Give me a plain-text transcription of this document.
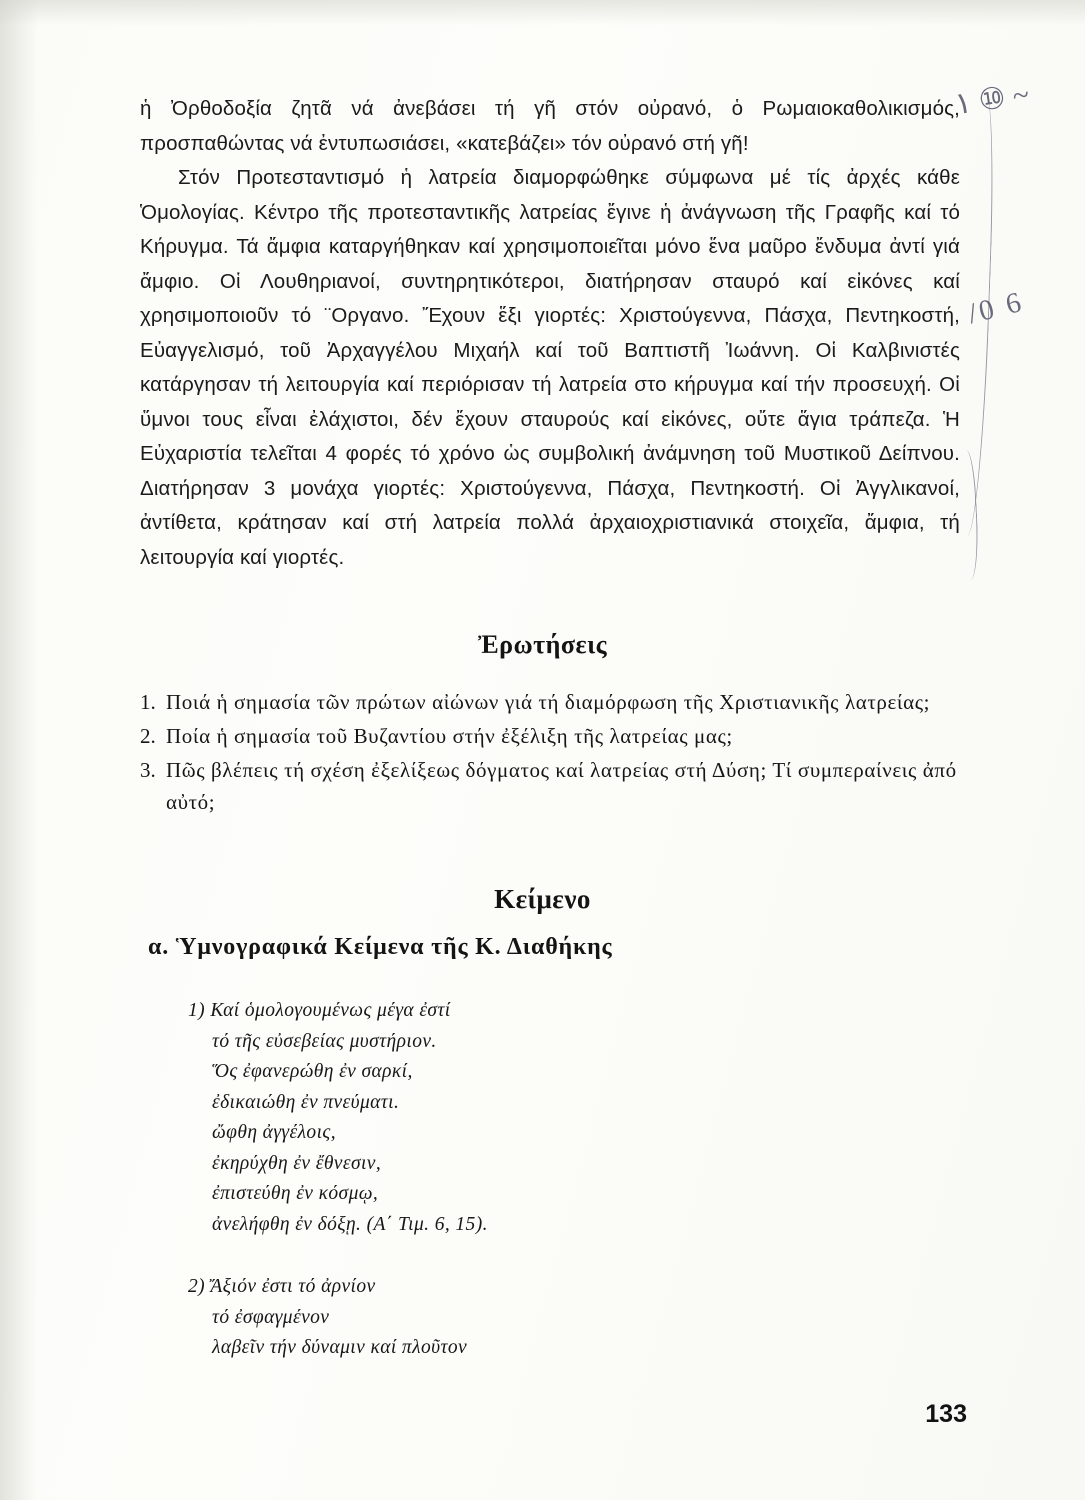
ἡ Ὀρθοδοξία ζητᾶ νά ἀνεβάσει τή γῆ στόν οὐρανό, ὁ Ρωμαιοκαθολικισμός, προσπαθώντας νά ἐντυπωσιάσει, «κατεβάζει» τόν οὐρανό στή γῆ!

Στόν Προτεσταντισμό ἡ λατρεία διαμορφώθηκε σύμφωνα μέ τίς ἀρχές κάθε Ὁμολογίας. Κέντρο τῆς προτεσταντικῆς λατρείας ἔγινε ἡ ἀνάγνωση τῆς Γραφῆς καί τό Κήρυγμα. Τά ἄμφια καταργήθηκαν καί χρησιμοποιεῖται μόνο ἕνα μαῦρο ἔνδυμα ἀντί γιά ἄμφιο. Οἱ Λουθηριανοί, συντηρητικότεροι, διατήρησαν σταυρό καί εἰκόνες καί χρησιμοποιοῦν τό ¨Οργανο. Ἔχουν ἕξι γιορτές: Χριστούγεννα, Πάσχα, Πεντηκοστή, Εὐαγγελισμό, τοῦ Ἀρχαγγέλου Μιχαήλ καί τοῦ Βαπτιστῆ Ἰωάννη. Οἱ Καλβινιστές κατάργησαν τή λειτουργία καί περιόρισαν τή λατρεία στο κήρυγμα καί τήν προσευχή. Οἱ ὕμνοι τους εἶναι ἐλάχιστοι, δέν ἔχουν σταυρούς καί εἰκόνες, οὔτε ἅγια τράπεζα. Ἡ Εὐχαριστία τελεῖται 4 φορές τό χρόνο ὡς συμβολική ἀνάμνηση τοῦ Μυστικοῦ Δείπνου. Διατήρησαν 3 μονάχα γιορτές: Χριστούγεννα, Πάσχα, Πεντηκοστή. Οἱ Ἀγγλικανοί, ἀντίθετα, κράτησαν καί στή λατρεία πολλά ἀρχαιοχριστιανικά στοιχεῖα, ἄμφια, τή λειτουργία καί γιορτές.

Ἐρωτήσεις
1. Ποιά ἡ σημασία τῶν πρώτων αἰώνων γιά τή διαμόρφωση τῆς Χριστιανικῆς λατρείας;
2. Ποία ἡ σημασία τοῦ Βυζαντίου στήν ἐξέλιξη τῆς λατρείας μας;
3. Πῶς βλέπεις τή σχέση ἐξελίξεως δόγματος καί λατρείας στή Δύση; Τί συμπεραίνεις ἀπό αὐτό;
Κείμενο
α. Ὑμνογραφικά Κείμενα τῆς Κ. Διαθήκης
1) Καί ὁμολογουμένως μέγα ἐστί
τό τῆς εὐσεβείας μυστήριον.
Ὅς ἐφανερώθη ἐν σαρκί,
ἐδικαιώθη ἐν πνεύματι.
ὤφθη ἀγγέλοις,
ἐκηρύχθη ἐν ἔθνεσιν,
ἐπιστεύθη ἐν κόσμῳ,
ἀνελήφθη ἐν δόξῃ. (Α΄ Τιμ. 6, 15).
2) Ἄξιόν ἐστι τό ἀρνίον
τό ἐσφαγμένον
λαβεῖν τήν δύναμιν καί πλοῦτον
۱ ⑩ ~
/0 6
133
